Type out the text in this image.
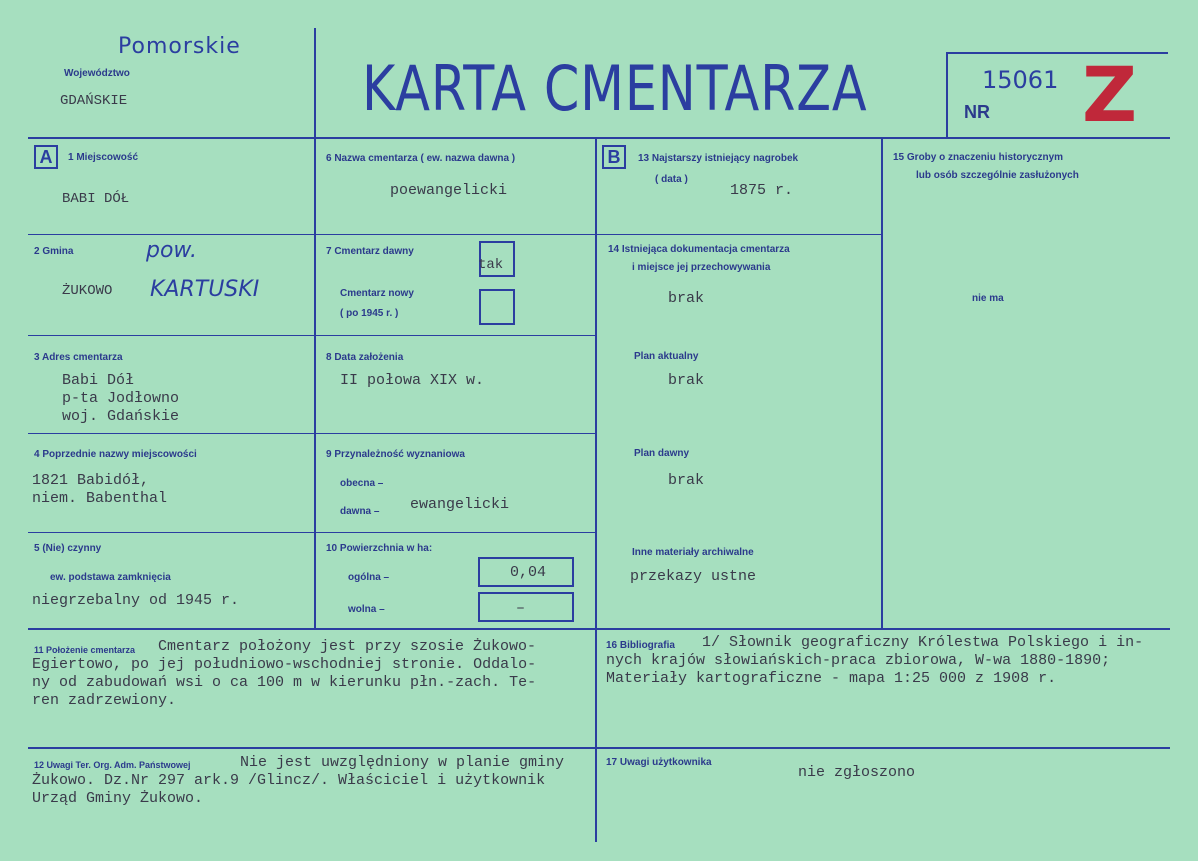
Pomorskie
Województwo
GDAŃSKIE	KARTA CMENTARZA	NR
15061 Z
A	1 Miejscowość
BABI DÓŁ
2 Gmina
ŻUKOWO
pow.
KARTUSKI
3 Adres cmentarza
Babi Dół
p-ta Jodłowno
woj. Gdańskie
4 Poprzednie nazwy miejscowości
1821 Babidół,
niem. Babenthal
5 (Nie) czynny
ew. podstawa zamknięcia
niegrzebalny od 1945 r.
6 Nazwa cmentarza ( ew. nazwa dawna )
poewangelicki
7 Cmentarz dawny
tak
Cmentarz nowy
( po 1945 r. )
8 Data założenia
II połowa XIX w.
9 Przynależność wyznaniowa
obecna –
dawna – ewangelicki
10 Powierzchnia w ha:
ogólna –	0,04
wolna –	–
B	13 Najstarszy istniejący nagrobek
( data )
1875 r.
14 Istniejąca dokumentacja cmentarza
i miejsce jej przechowywania
brak
Plan aktualny
brak
Plan dawny
brak
Inne materiały archiwalne
przekazy ustne
15 Groby o znaczeniu historycznym
lub osób szczególnie zasłużonych
nie ma
11 Położenie cmentarza	Cmentarz położony jest przy szosie Żukowo-
Egiertowo, po jej południowo-wschodniej stronie. Oddalo-
ny od zabudowań wsi o ca 100 m w kierunku płn.-zach. Te-
ren zadrzewiony.
16 Bibliografia	1/ Słownik geograficzny Królestwa Polskiego i in-
nych krajów słowiańskich-praca zbiorowa, W-wa 1880-1890;
Materiały kartograficzne - mapa 1:25 000 z 1908 r.
12 Uwagi Ter. Org. Adm. Państwowej	Nie jest uwzględniony w planie gminy
Żukowo. Dz.Nr 297 ark.9 /Glincz/. Właściciel i użytkownik
Urząd Gminy Żukowo.
17 Uwagi użytkownika
nie zgłoszono
